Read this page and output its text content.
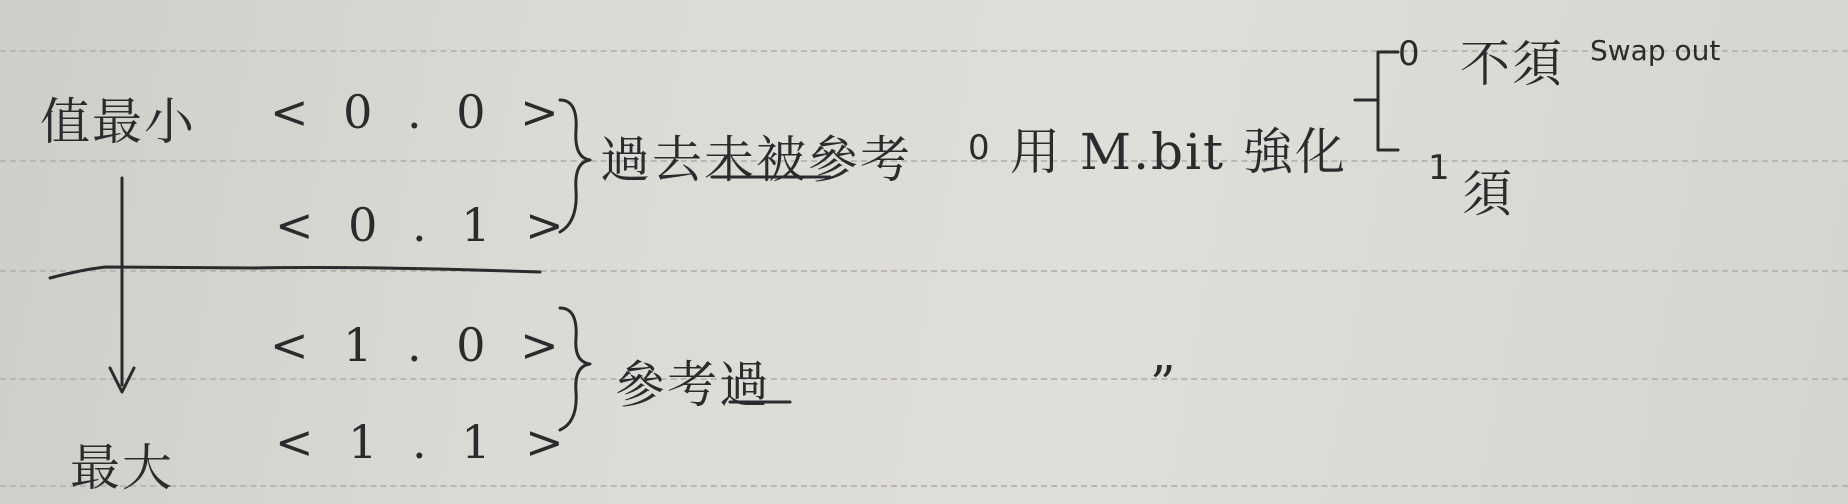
值最小
最大
< 0 . 0 >
< 0 . 1 >
< 1 . 0 >
< 1 . 1 >
過去未被參考 0 用 M.bit 強化
0 不須 Swap out
1 須
參考過	”
